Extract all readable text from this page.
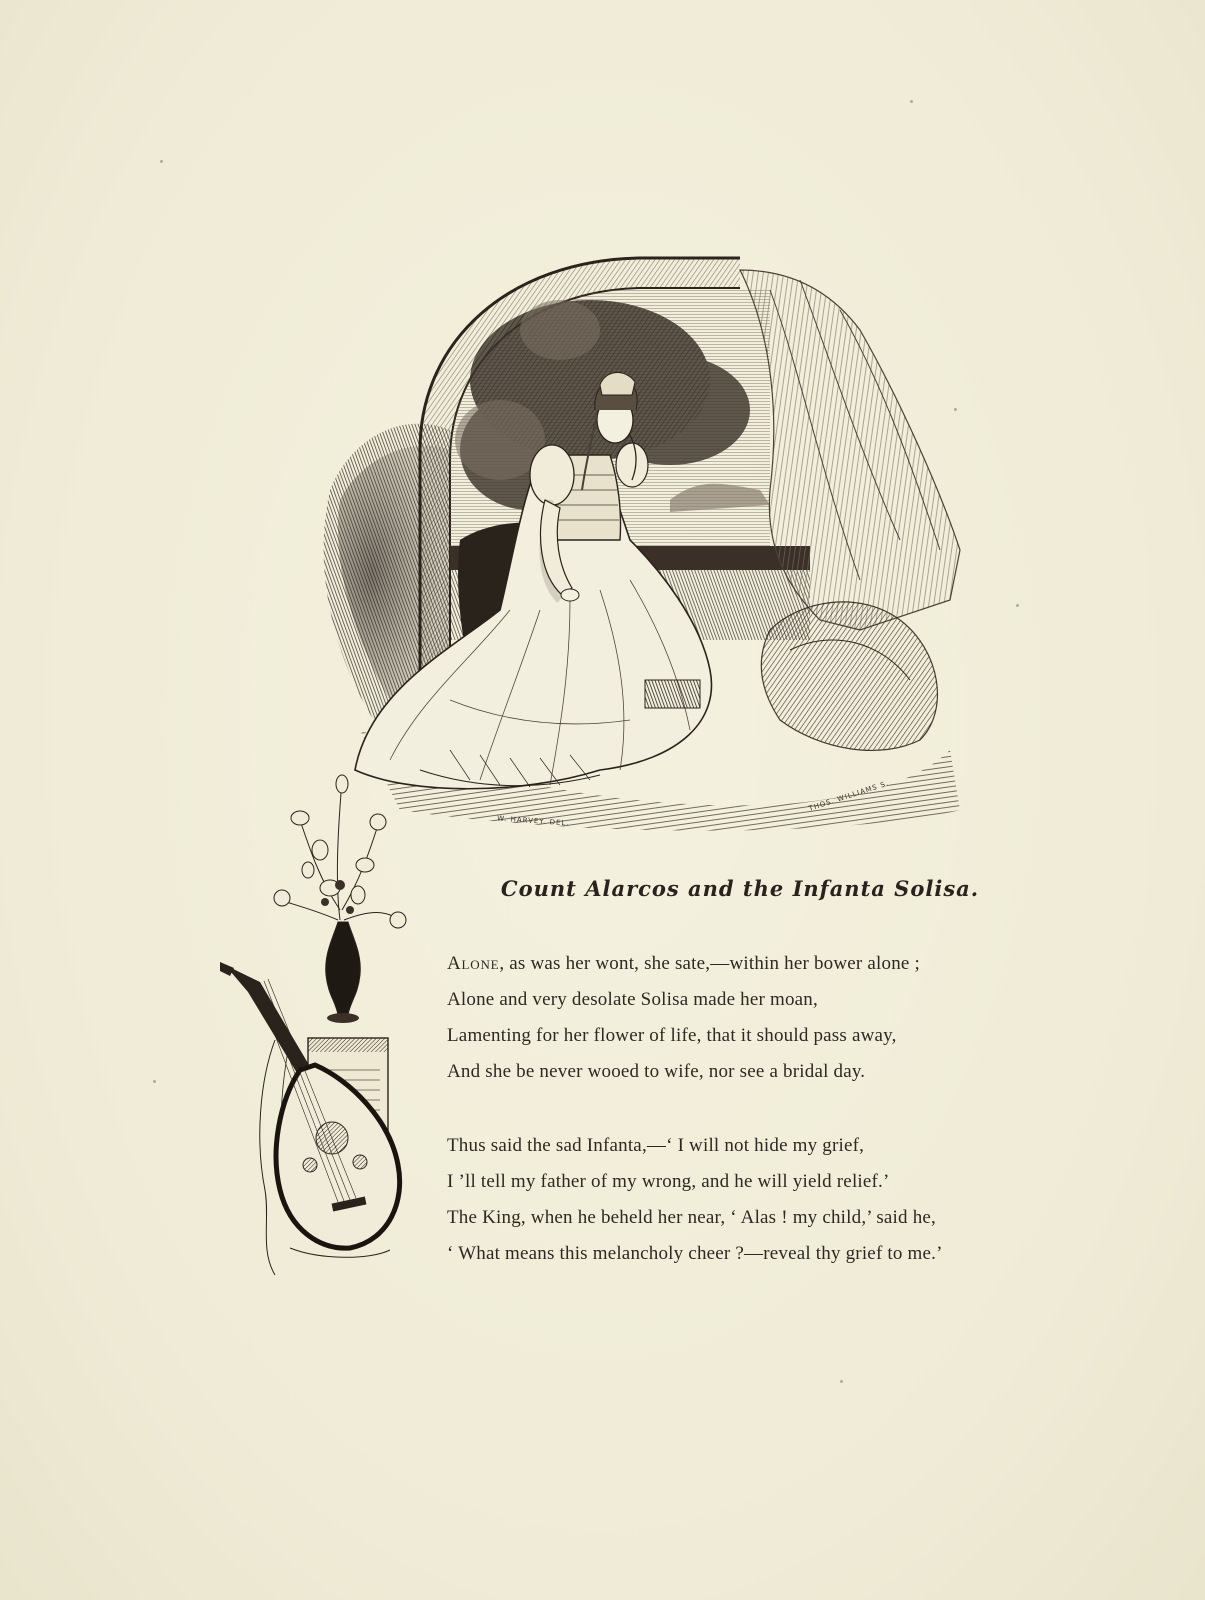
W. HARVEY. DEL.
THOS. WILLIAMS S.
Count Alarcos and the Infanta Solisa.
Alone, as was her wont, she sate,—within her bower alone ;
Alone and very desolate Solisa made her moan,
Lamenting for her flower of life, that it should pass away,
And she be never wooed to wife, nor see a bridal day.
Thus said the sad Infanta,—‘ I will not hide my grief,
I ’ll tell my father of my wrong, and he will yield relief.’
The King, when he beheld her near, ‘ Alas ! my child,’ said he,
‘ What means this melancholy cheer ?—reveal thy grief to me.’
